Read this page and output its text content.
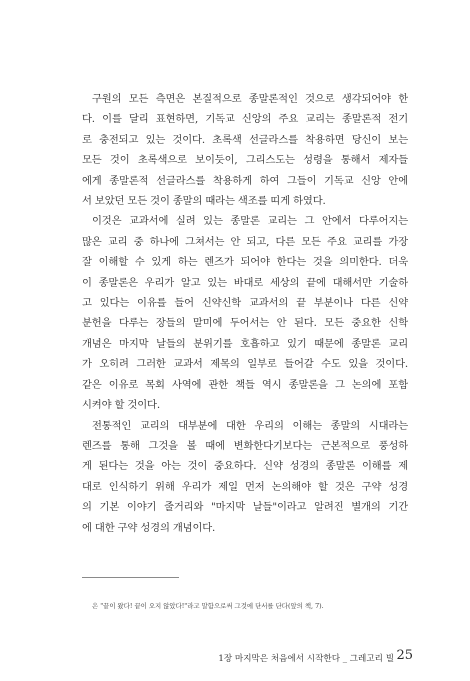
구원의 모든 측면은 본질적으로 종말론적인 것으로 생각되어야 한

다. 이를 달리 표현하면, 기독교 신앙의 주요 교리는 종말론적 전기

로 충전되고 있는 것이다. 초록색 선글라스를 착용하면 당신이 보는

모든 것이 초록색으로 보이듯이, 그리스도는 성령을 통해서 제자들

에게 종말론적 선글라스를 착용하게 하여 그들이 기독교 신앙 안에

서 보았던 모든 것이 종말의 때라는 색조를 띠게 하였다.

이것은 교과서에 실려 있는 종말론 교리는 그 안에서 다루어지는

많은 교리 중 하나에 그쳐서는 안 되고, 다른 모든 주요 교리를 가장

잘 이해할 수 있게 하는 렌즈가 되어야 한다는 것을 의미한다. 더욱

이 종말론은 우리가 알고 있는 바대로 세상의 끝에 대해서만 기술하

고 있다는 이유를 들어 신약신학 교과서의 끝 부분이나 다른 신약

분헌을 다루는 장들의 말미에 두어서는 안 된다. 모든 중요한 신학

개념은 마지막 날들의 분위기를 호흡하고 있기 때문에 종말론 교리

가 오히려 그러한 교과서 제목의 일부로 들어갈 수도 있을 것이다.

같은 이유로 목회 사역에 관한 책들 역시 종말론을 그 논의에 포함

시켜야 할 것이다.

전통적인 교리의 대부분에 대한 우리의 이해는 종말의 시대라는

렌즈를 통해 그것을 볼 때에 변화한다기보다는 근본적으로 풍성하

게 된다는 것을 아는 것이 중요하다. 신약 성경의 종말론 이해를 제

대로 인식하기 위해 우리가 제일 먼저 논의해야 할 것은 구약 성경

의 기본 이야기 줄거리와 "마지막 날들"이라고 알려진 별개의 기간

에 대한 구약 성경의 개념이다.

은 "끝이 왔다! 끝이 오지 않았다!"라고 말함으로써 그것에 단서를 단다(앞의 책, 7).
1장 마지막은 처음에서 시작한다 _ 그레고리 빌 25
